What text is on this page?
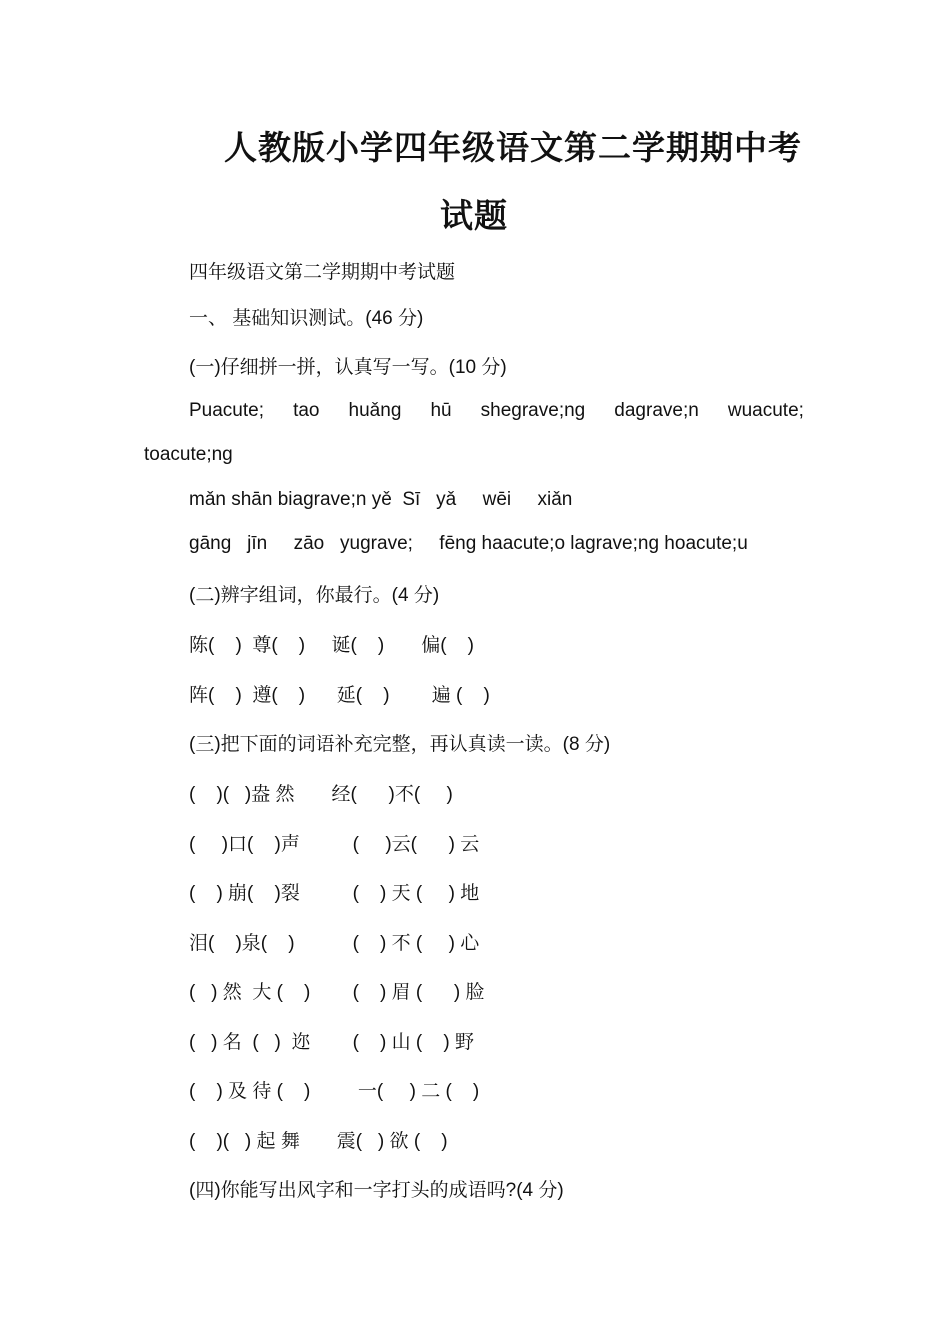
人教版小学四年级语文第二学期期中考
试题
四年级语文第二学期期中考试题
一、 基础知识测试。(46 分)
(一)仔细拼一拼，认真写一写。(10 分)
Puacute; tao huǎng hū shegrave;ng dagrave;n wuacute;
toacute;ng
mǎn shān biagrave;n yě  Sī   yǎ     wēi     xiǎn
gāng   jīn     zāo   yugrave;     fēng haacute;o lagrave;ng hoacute;u
(二)辨字组词，你最行。(4 分)
陈(    )  尊(    )     诞(    )       偏(    )
阵(    )  遵(    )      延(    )        遍 (    )
(三)把下面的词语补充完整，再认真读一读。(8 分)
(    )(   )盎 然       经(      )不(     )
(     )口(    )声          (     )云(      ) 云
(    ) 崩(    )裂          (    ) 天 (     ) 地
泪(    )泉(    )           (    ) 不 (     ) 心
(   ) 然  大 (    )        (    ) 眉 (      ) 脸
(   ) 名  (   )  迩        (    ) 山 (    ) 野
(    ) 及 待 (    )         一(     ) 二 (    )
(    )(   ) 起 舞       震(   ) 欲 (    )
(四)你能写出风字和一字打头的成语吗?(4 分)
